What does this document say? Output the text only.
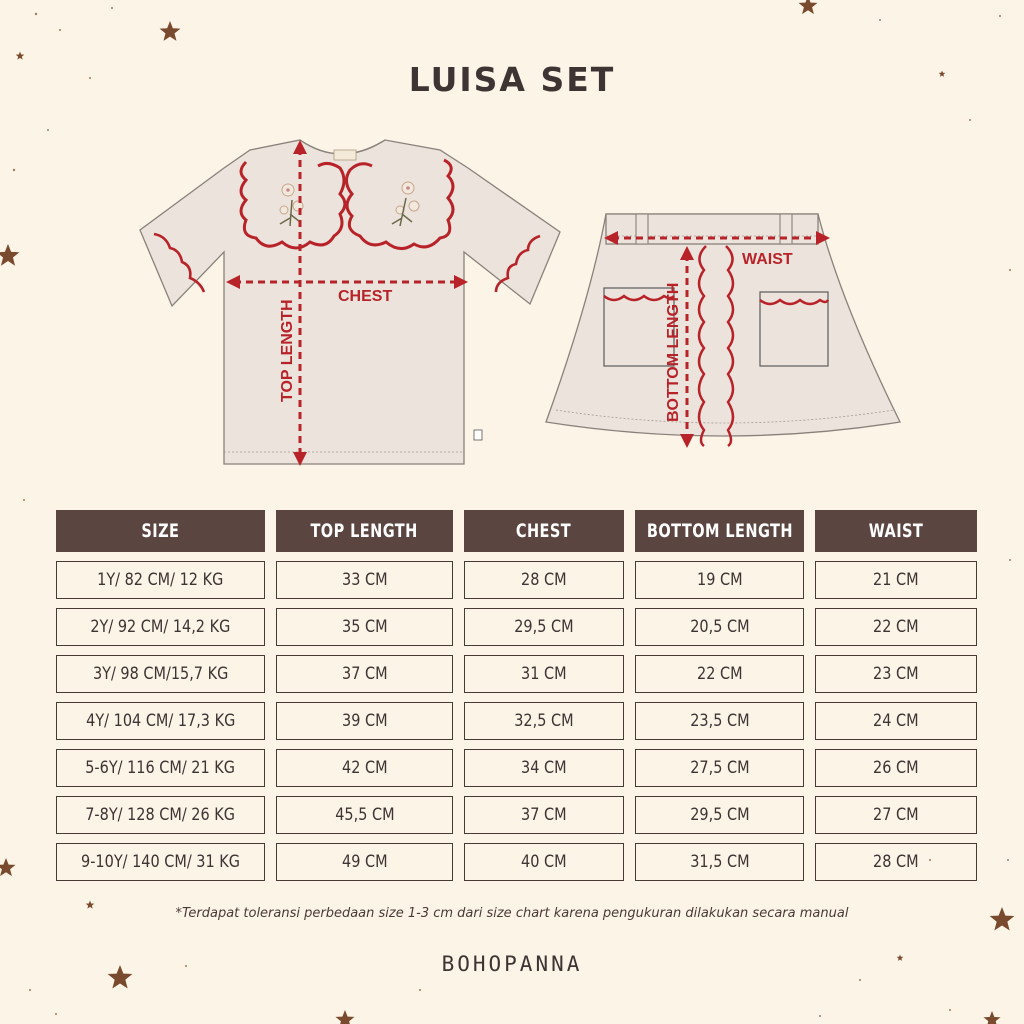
LUISA SET
CHEST
TOP LENGTH
WAIST
BOTTOM LENGTH
SIZE	TOP LENGTH	CHEST	BOTTOM LENGTH	WAIST
1Y/ 82 CM/ 12 KG	33 CM	28 CM	19 CM	21 CM
2Y/ 92 CM/ 14,2 KG	35 CM	29,5 CM	20,5 CM	22 CM
3Y/ 98 CM/15,7 KG	37 CM	31 CM	22 CM	23 CM
4Y/ 104 CM/ 17,3 KG	39 CM	32,5 CM	23,5 CM	24 CM
5-6Y/ 116 CM/ 21 KG	42 CM	34 CM	27,5 CM	26 CM
7-8Y/ 128 CM/ 26 KG	45,5 CM	37 CM	29,5 CM	27 CM
9-10Y/ 140 CM/ 31 KG	49 CM	40 CM	31,5 CM	28 CM
*Terdapat toleransi perbedaan size 1-3 cm dari size chart karena pengukuran dilakukan secara manual
BOHOPANNA
